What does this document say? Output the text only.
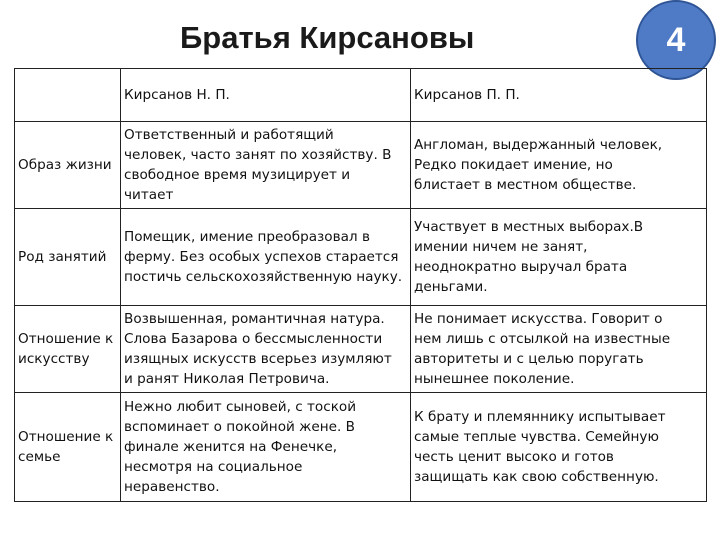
Братья Кирсановы	4
	Кирсанов Н. П.	Кирсанов П. П.
Образ жизни	Ответственный и работящий
человек, часто занят по хозяйству. В
свободное время музицирует и
читает	Англоман, выдержанный человек,
Редко покидает имение, но
блистает в местном обществе.
Род занятий	Помещик, имение преобразовал в
ферму. Без особых успехов старается
постичь сельскохозяйственную науку.	Участвует в местных выборах.В
имении ничем не занят,
неоднократно выручал брата
деньгами.
Отношение к
искусству	Возвышенная, романтичная натура.
Слова Базарова о бессмысленности
изящных искусств всерьез изумляют
и ранят Николая Петровича.	Не понимает искусства. Говорит о
нем лишь с отсылкой на известные
авторитеты и с целью поругать
нынешнее поколение.
Отношение к
семье	Нежно любит сыновей, с тоской
вспоминает о покойной жене. В
финале женится на Фенечке,
несмотря на социальное
неравенство.	К брату и племяннику испытывает
самые теплые чувства. Семейную
честь ценит высоко и готов
защищать как свою собственную.
